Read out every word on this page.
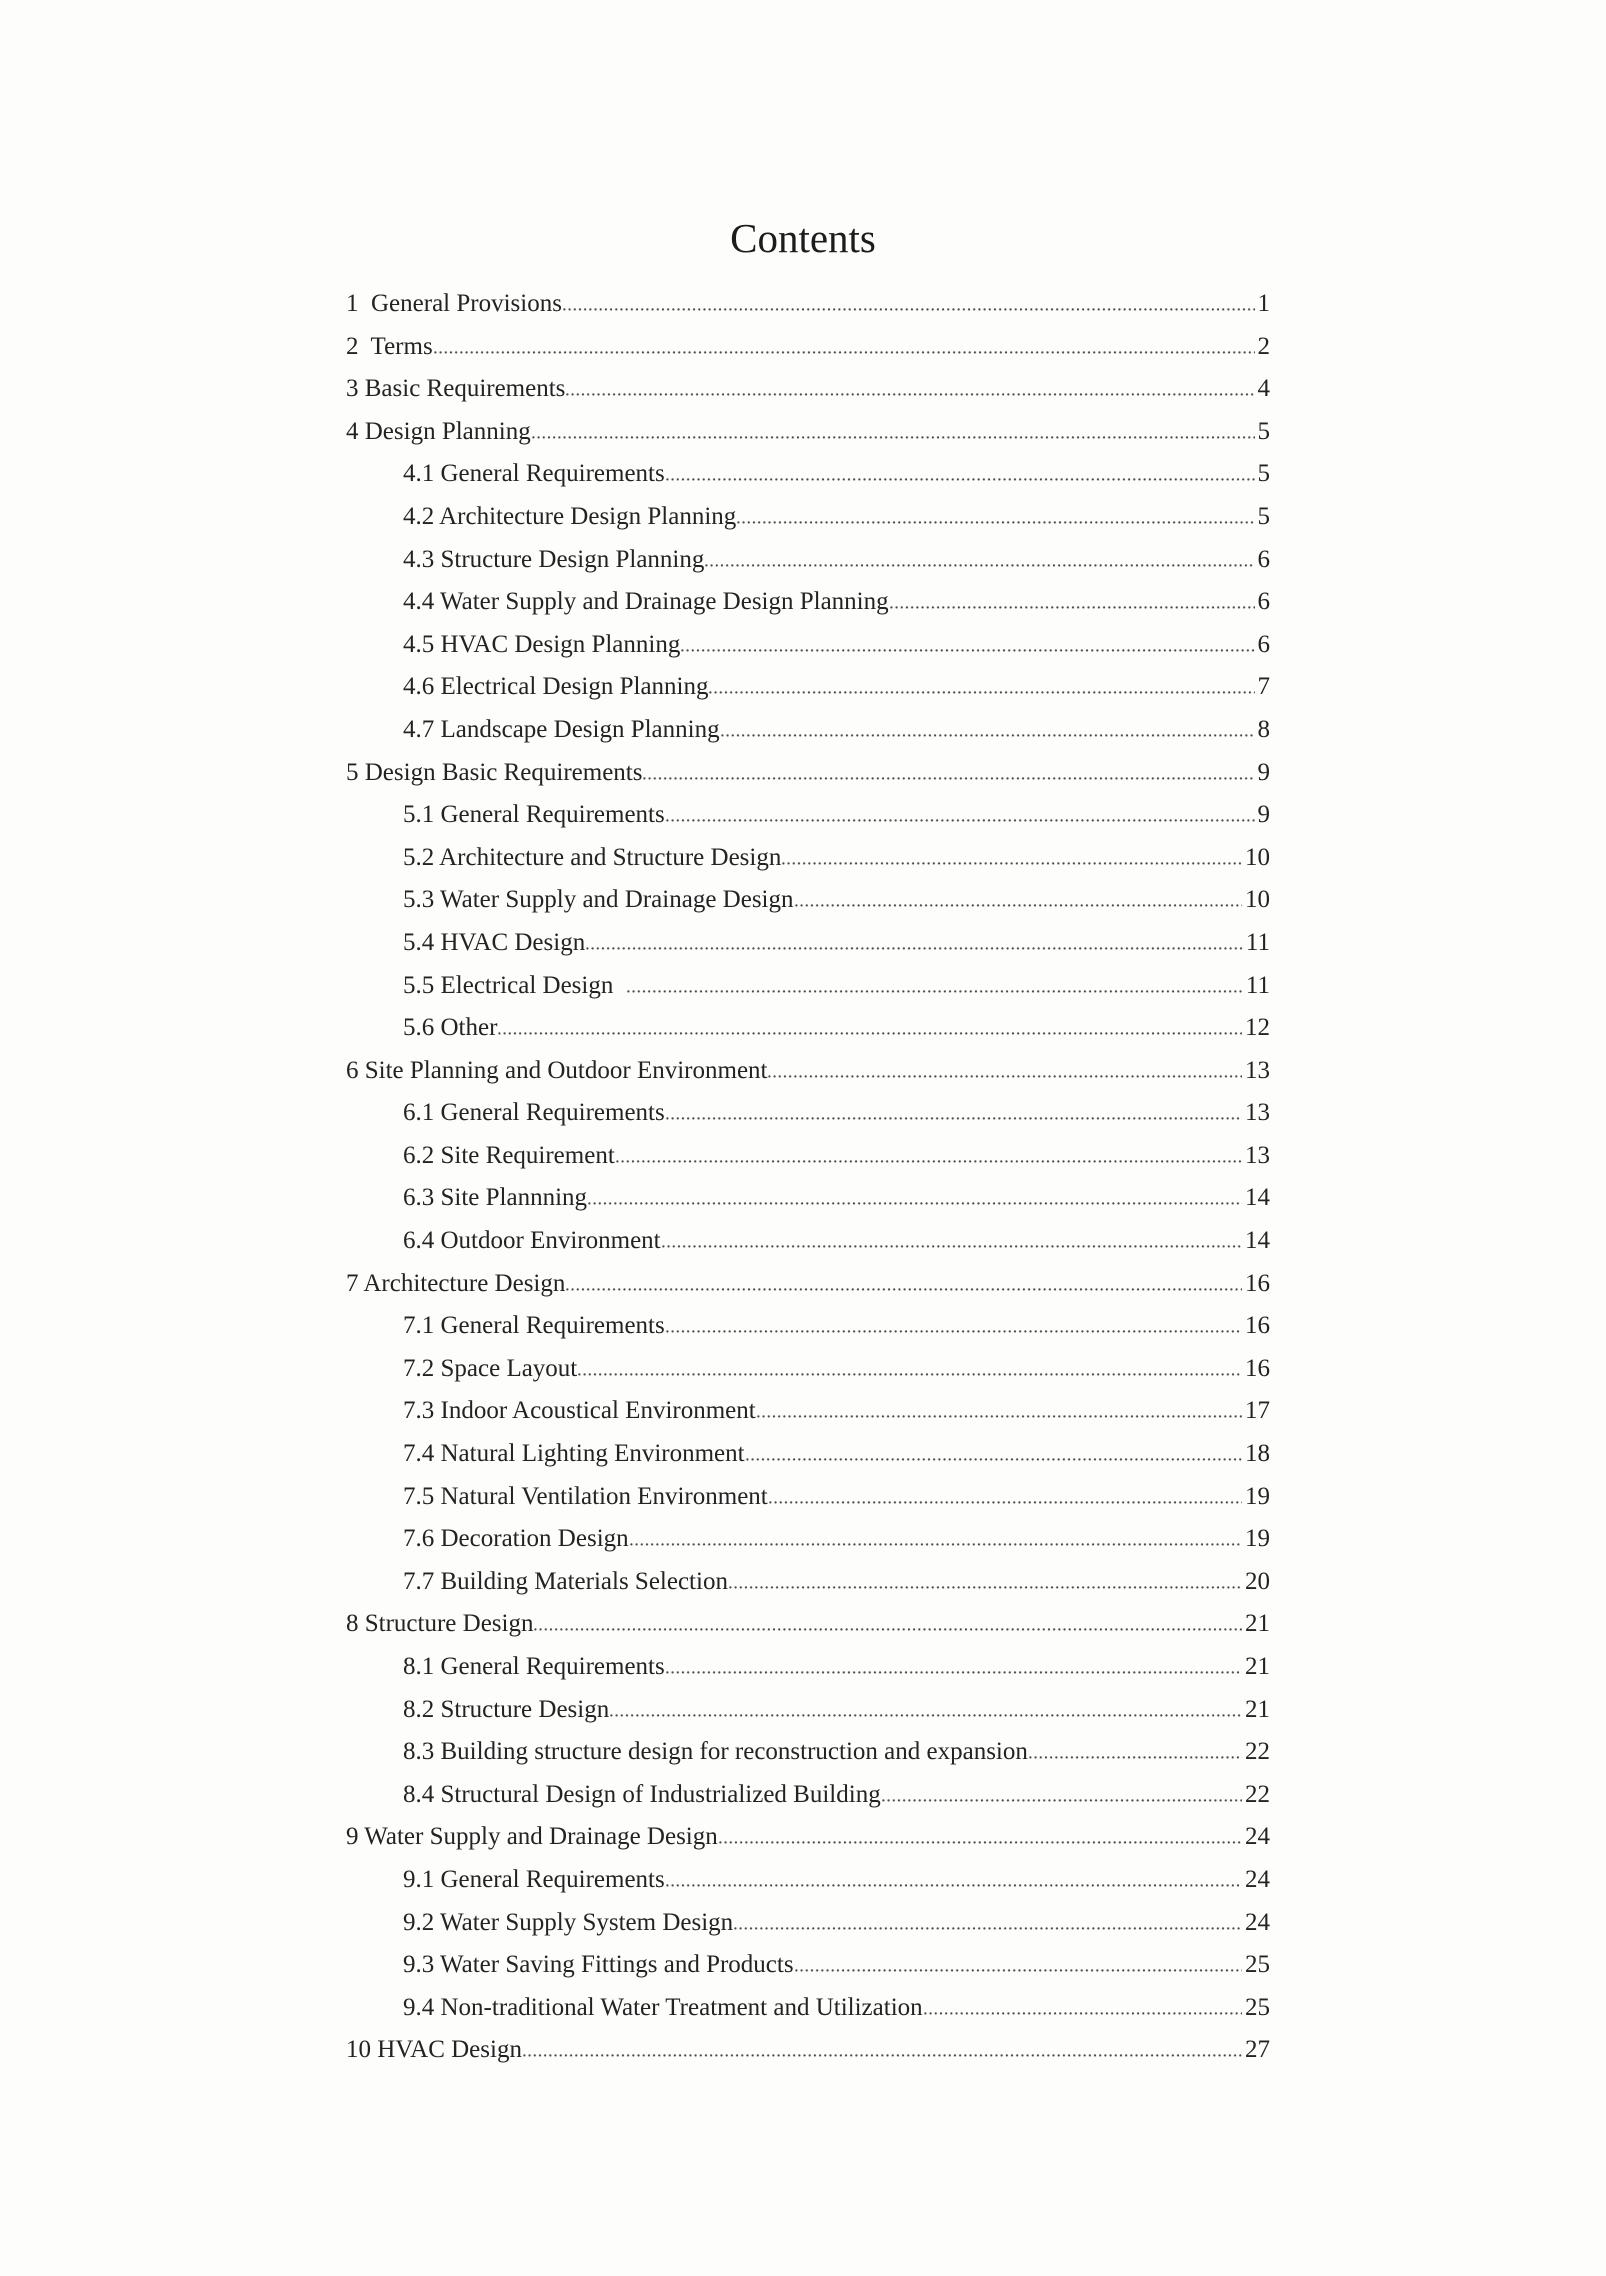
Contents
1  General Provisions	1
2  Terms	2
3 Basic Requirements	4
4 Design Planning	5
4.1 General Requirements	5
4.2 Architecture Design Planning	5
4.3 Structure Design Planning	6
4.4 Water Supply and Drainage Design Planning	6
4.5 HVAC Design Planning	6
4.6 Electrical Design Planning	7
4.7 Landscape Design Planning	8
5 Design Basic Requirements	9
5.1 General Requirements	9
5.2 Architecture and Structure Design	10
5.3 Water Supply and Drainage Design	10
5.4 HVAC Design	11
5.5 Electrical Design	11
5.6 Other	12
6 Site Planning and Outdoor Environment	13
6.1 General Requirements	13
6.2 Site Requirement	13
6.3 Site Plannning	14
6.4 Outdoor Environment	14
7 Architecture Design	16
7.1 General Requirements	16
7.2 Space Layout	16
7.3 Indoor Acoustical Environment	17
7.4 Natural Lighting Environment	18
7.5 Natural Ventilation Environment	19
7.6 Decoration Design	19
7.7 Building Materials Selection	20
8 Structure Design	21
8.1 General Requirements	21
8.2 Structure Design	21
8.3 Building structure design for reconstruction and expansion	22
8.4 Structural Design of Industrialized Building	22
9 Water Supply and Drainage Design	24
9.1 General Requirements	24
9.2 Water Supply System Design	24
9.3 Water Saving Fittings and Products	25
9.4 Non-traditional Water Treatment and Utilization	25
10 HVAC Design	27
